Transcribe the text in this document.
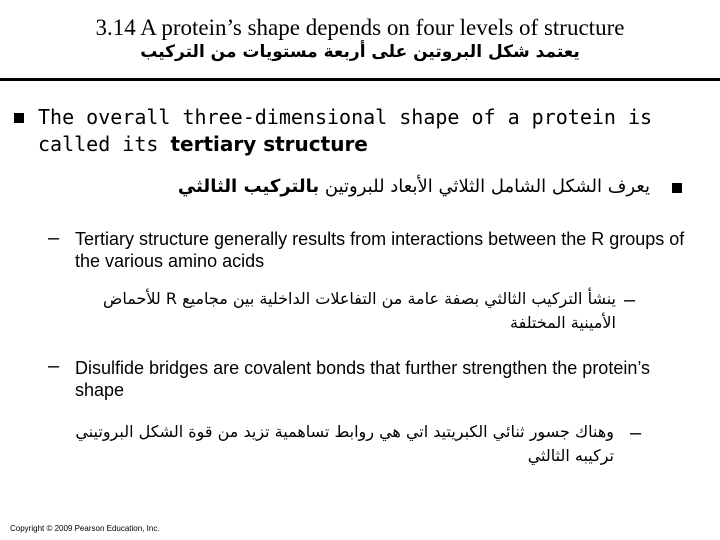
3.14 A protein’s shape depends on four levels of structure
يعتمد شكل البروتين على أربعة مستويات من التركيب
The overall three-dimensional shape of a protein is called its tertiary structure
يعرف الشكل الشامل الثلاثي الأبعاد للبروتين بالتركيب الثالثي
– Tertiary structure generally results from interactions between the R groups of the various amino acids
–
ينشأ التركيب الثالثي بصفة عامة من التفاعلات الداخلية بين مجاميع R للأحماض الأمينية المختلفة
– Disulfide bridges are covalent bonds that further strengthen the protein’s shape
–
وهناك جسور ثنائي الكبريتيد اتي هي روابط تساهمية تزيد من قوة الشكل البروتيني تركيبه الثالثي
Copyright © 2009 Pearson Education, Inc.
